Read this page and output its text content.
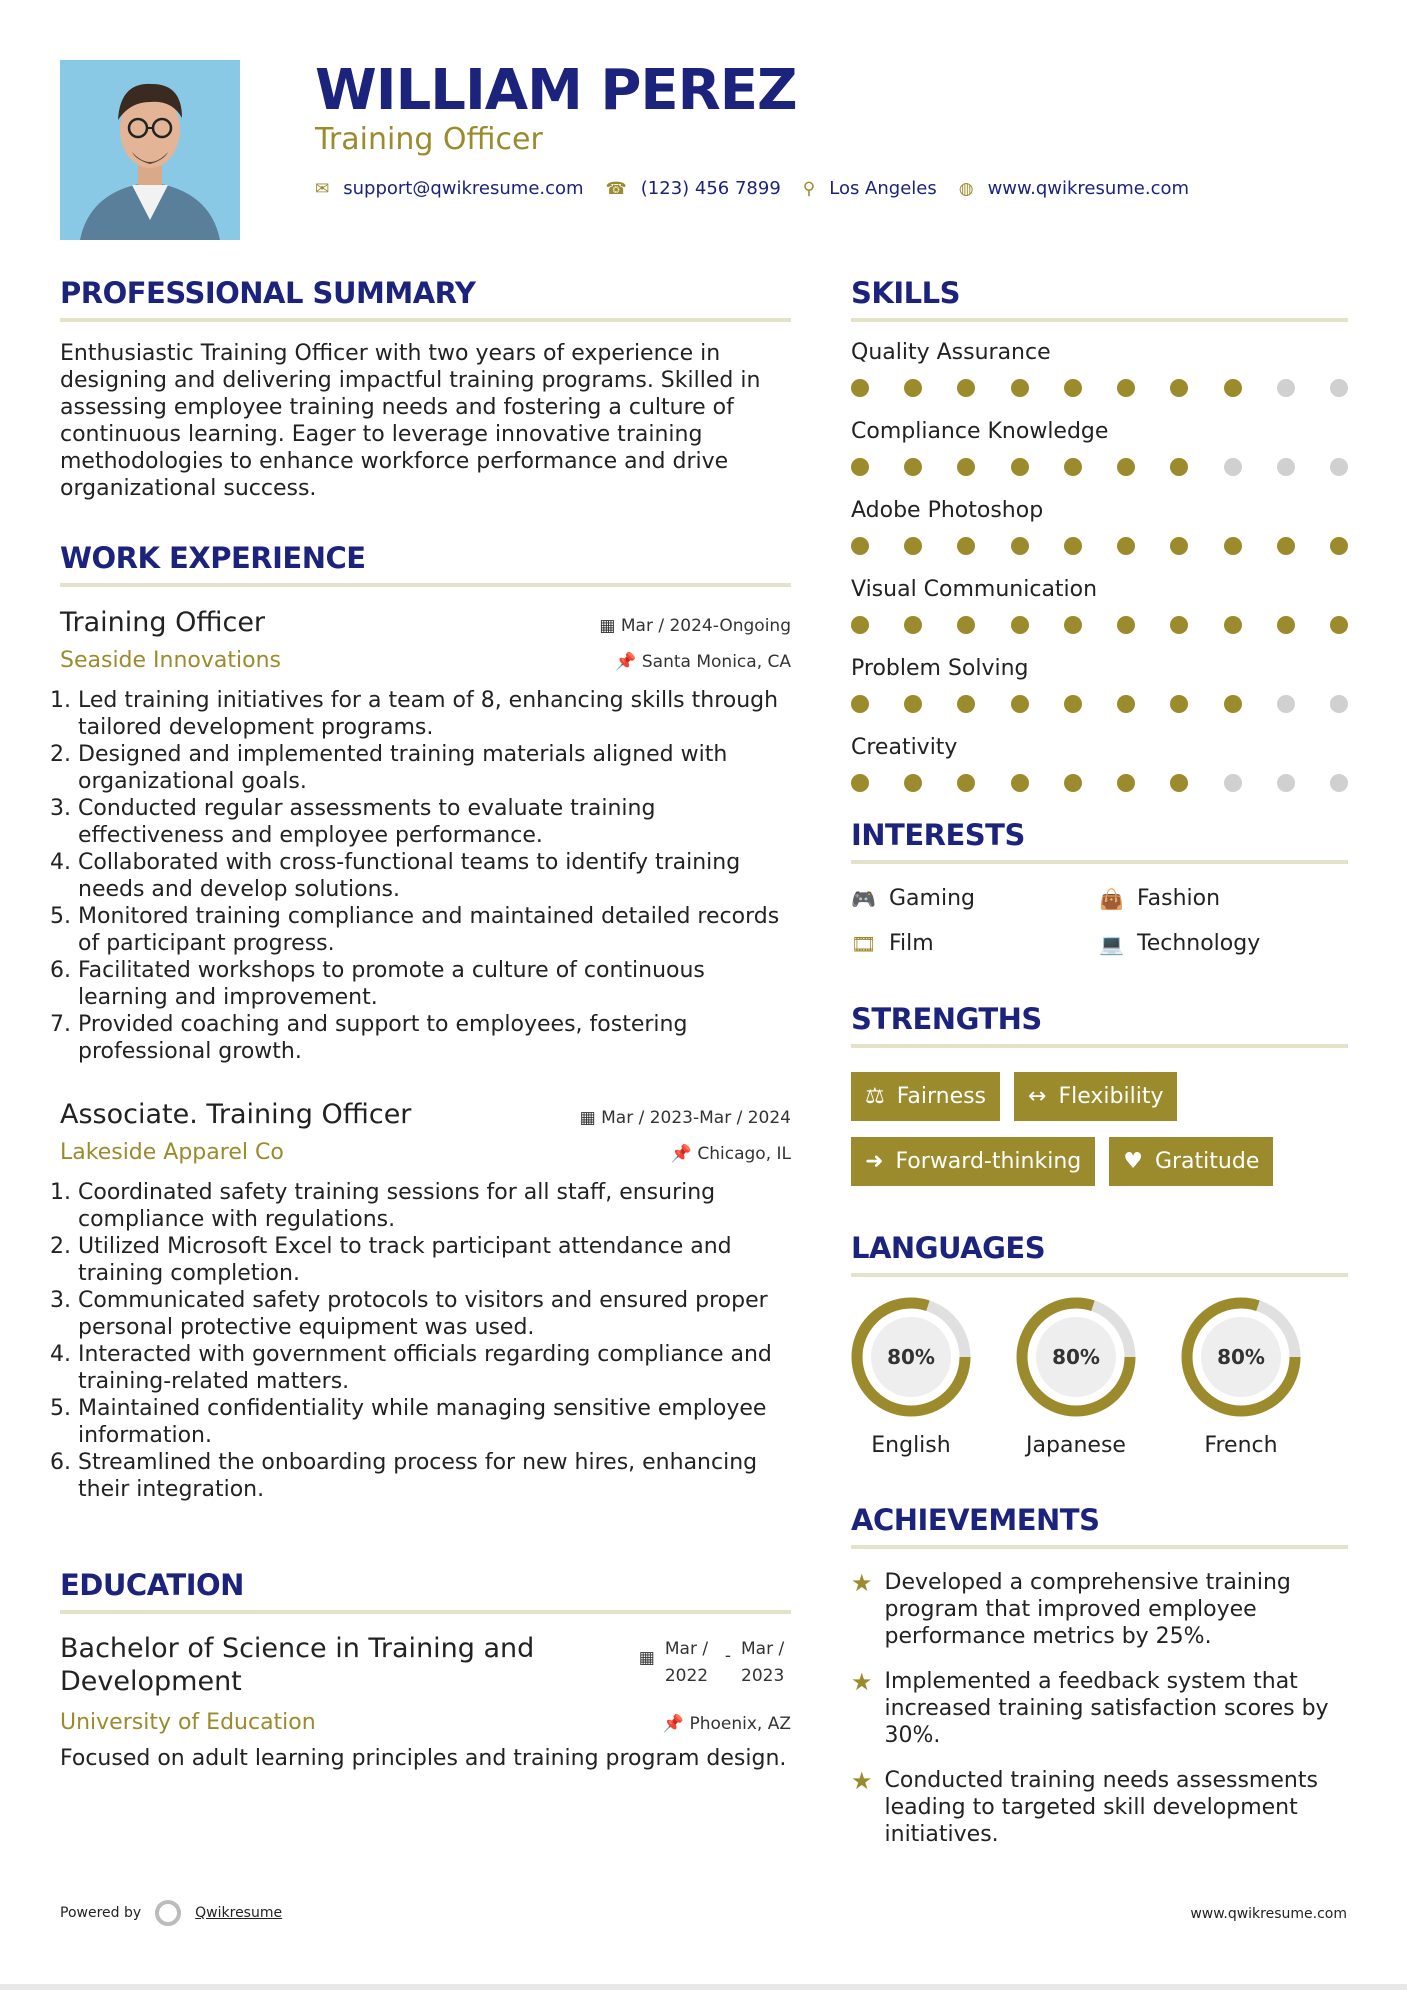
WILLIAM PEREZ
Training Officer
✉ support@qwikresume.com ☎ (123) 456 7899 ⚲ Los Angeles ◍ www.qwikresume.com
PROFESSIONAL SUMMARY

Enthusiastic Training Officer with two years of experience in designing and delivering impactful training programs. Skilled in assessing employee training needs and fostering a culture of continuous learning. Eager to leverage innovative training methodologies to enhance workforce performance and drive organizational success.

WORK EXPERIENCE
Training Officer	▦ Mar / 2024-Ongoing
Seaside Innovations	📌 Santa Monica, CA
1. Led training initiatives for a team of 8, enhancing skills through tailored development programs.
2. Designed and implemented training materials aligned with organizational goals.
3. Conducted regular assessments to evaluate training effectiveness and employee performance.
4. Collaborated with cross-functional teams to identify training needs and develop solutions.
5. Monitored training compliance and maintained detailed records of participant progress.
6. Facilitated workshops to promote a culture of continuous learning and improvement.
7. Provided coaching and support to employees, fostering professional growth.
Associate. Training Officer	▦ Mar / 2023-Mar / 2024
Lakeside Apparel Co	📌 Chicago, IL
1. Coordinated safety training sessions for all staff, ensuring compliance with regulations.
2. Utilized Microsoft Excel to track participant attendance and training completion.
3. Communicated safety protocols to visitors and ensured proper personal protective equipment was used.
4. Interacted with government officials regarding compliance and training-related matters.
5. Maintained confidentiality while managing sensitive employee information.
6. Streamlined the onboarding process for new hires, enhancing their integration.
EDUCATION
Bachelor of Science in Training and Development
▦ Mar / 2022
- Mar / 2023
University of Education	📌 Phoenix, AZ

Focused on adult learning principles and training program design.

SKILLS
Quality Assurance
Compliance Knowledge
Adobe Photoshop
Visual Communication
Problem Solving
Creativity
INTERESTS
🎮 Gaming	👜 Fashion
🎞 Film	💻 Technology
STRENGTHS
⚖ Fairness ↔ Flexibility
➜ Forward-thinking ♥ Gratitude
LANGUAGES
80%
English
80%
Japanese
80%
French
ACHIEVEMENTS
★ Developed a comprehensive training program that improved employee performance metrics by 25%.
★ Implemented a feedback system that increased training satisfaction scores by 30%.
★ Conducted training needs assessments leading to targeted skill development initiatives.
Powered by	Qwikresume	www.qwikresume.com
